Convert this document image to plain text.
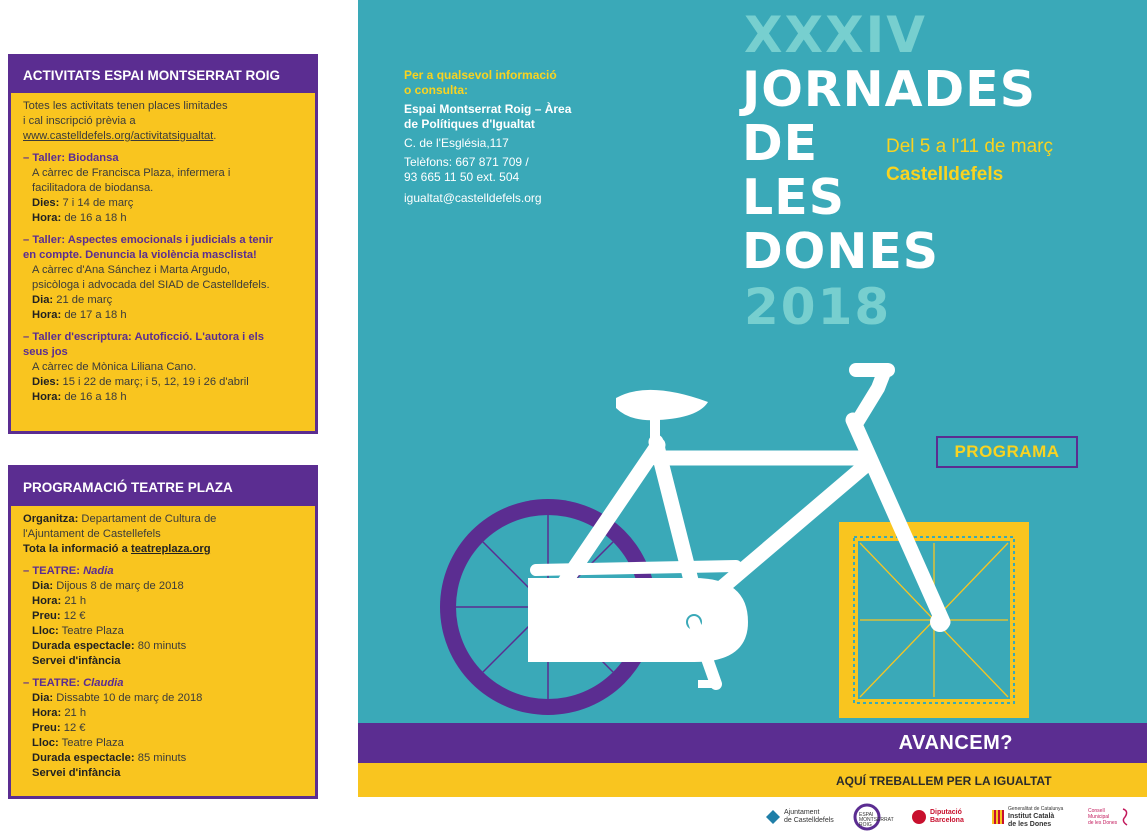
ACTIVITATS ESPAI MONTSERRAT ROIG
Totes les activitats tenen places limitades
i cal inscripció prèvia a
www.castelldefels.org/activitatsigualtat.
– Taller: Biodansa
A càrrec de Francisca Plaza, infermera i
facilitadora de biodansa.
Dies: 7 i 14 de març
Hora: de 16 a 18 h
– Taller: Aspectes emocionals i judicials a tenir
en compte. Denuncia la violència masclista!
A càrrec d'Ana Sánchez i Marta Argudo,
psicòloga i advocada del SIAD de Castelldefels.
Dia: 21 de març
Hora: de 17 a 18 h
– Taller d'escriptura: Autoficció. L'autora i els
seus jos
A càrrec de Mònica Liliana Cano.
Dies: 15 i 22 de març; i 5, 12, 19 i 26 d'abril
Hora: de 16 a 18 h
PROGRAMACIÓ TEATRE PLAZA
Organitza: Departament de Cultura de
l'Ajuntament de Castellefels
Tota la informació a teatreplaza.org
– TEATRE: Nadia
Dia: Dijous 8 de març de 2018
Hora: 21 h
Preu: 12 €
Lloc: Teatre Plaza
Durada espectacle: 80 minuts
Servei d'infància
– TEATRE: Claudia
Dia: Dissabte 10 de març de 2018
Hora: 21 h
Preu: 12 €
Lloc: Teatre Plaza
Durada espectacle: 85 minuts
Servei d'infància
Per a qualsevol informació
o consulta:
Espai Montserrat Roig – Àrea
de Polítiques d'Igualtat
C. de l'Església,117
Telèfons: 667 871 709 /
93 665 11 50 ext. 504
igualtat@castelldefels.org
XXXIV
JORNADES
DE
LES
DONES
2018
Del 5 a l'11 de març
Castelldefels
PROGRAMA
AVANCEM?
AQUÍ TREBALLEM PER LA IGUALTAT
Ajuntament
de Castelldefels
ESPAI MONTSERRAT ROIG
Diputació
Barcelona
Generalitat de Catalunya
Institut Català
de les Dones
Consell
Municipal
de les Dones
